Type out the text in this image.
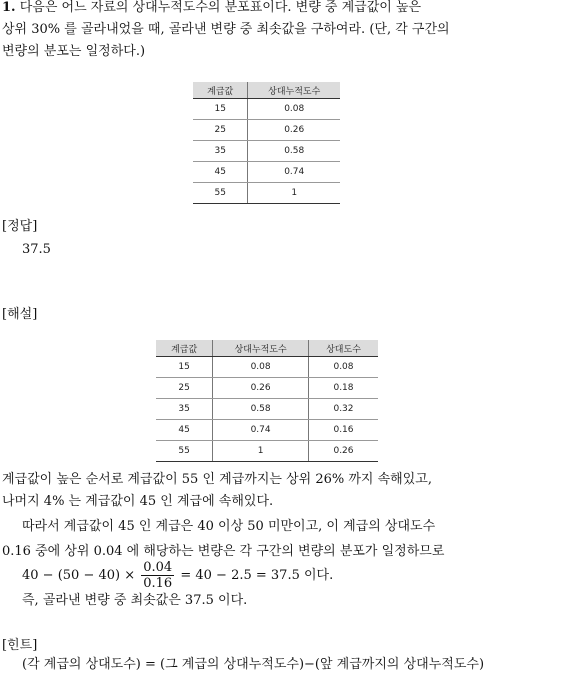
1. 다음은 어느 자료의 상대누적도수의 분포표이다. 변량 중 계급값이 높은
상위 30% 를 골라내었을 때, 골라낸 변량 중 최솟값을 구하여라. (단, 각 구간의
변량의 분포는 일정하다.)
계급값	상대누적도수
15	0.08
25	0.26
35	0.58
45	0.74
55	1
[정답]
37.5
[해설]
계급값	상대누적도수	상대도수
15	0.08	0.08
25	0.26	0.18
35	0.58	0.32
45	0.74	0.16
55	1	0.26
계급값이 높은 순서로 계급값이 55 인 계급까지는 상위 26% 까지 속해있고,
나머지 4% 는 계급값이 45 인 계급에 속해있다.
따라서 계급값이 45 인 계급은 40 이상 50 미만이고, 이 계급의 상대도수
0.16 중에 상위 0.04 에 해당하는 변량은 각 구간의 변량의 분포가 일정하므로
$40 - (50 - 40) \times \frac{0.04}{0.16} = 40 - 2.5 = 37.5$ 이다.
즉, 골라낸 변량 중 최솟값은 37.5 이다.
[힌트]
(각 계급의 상대도수) = (그 계급의 상대누적도수)−(앞 계급까지의 상대누적도수)
